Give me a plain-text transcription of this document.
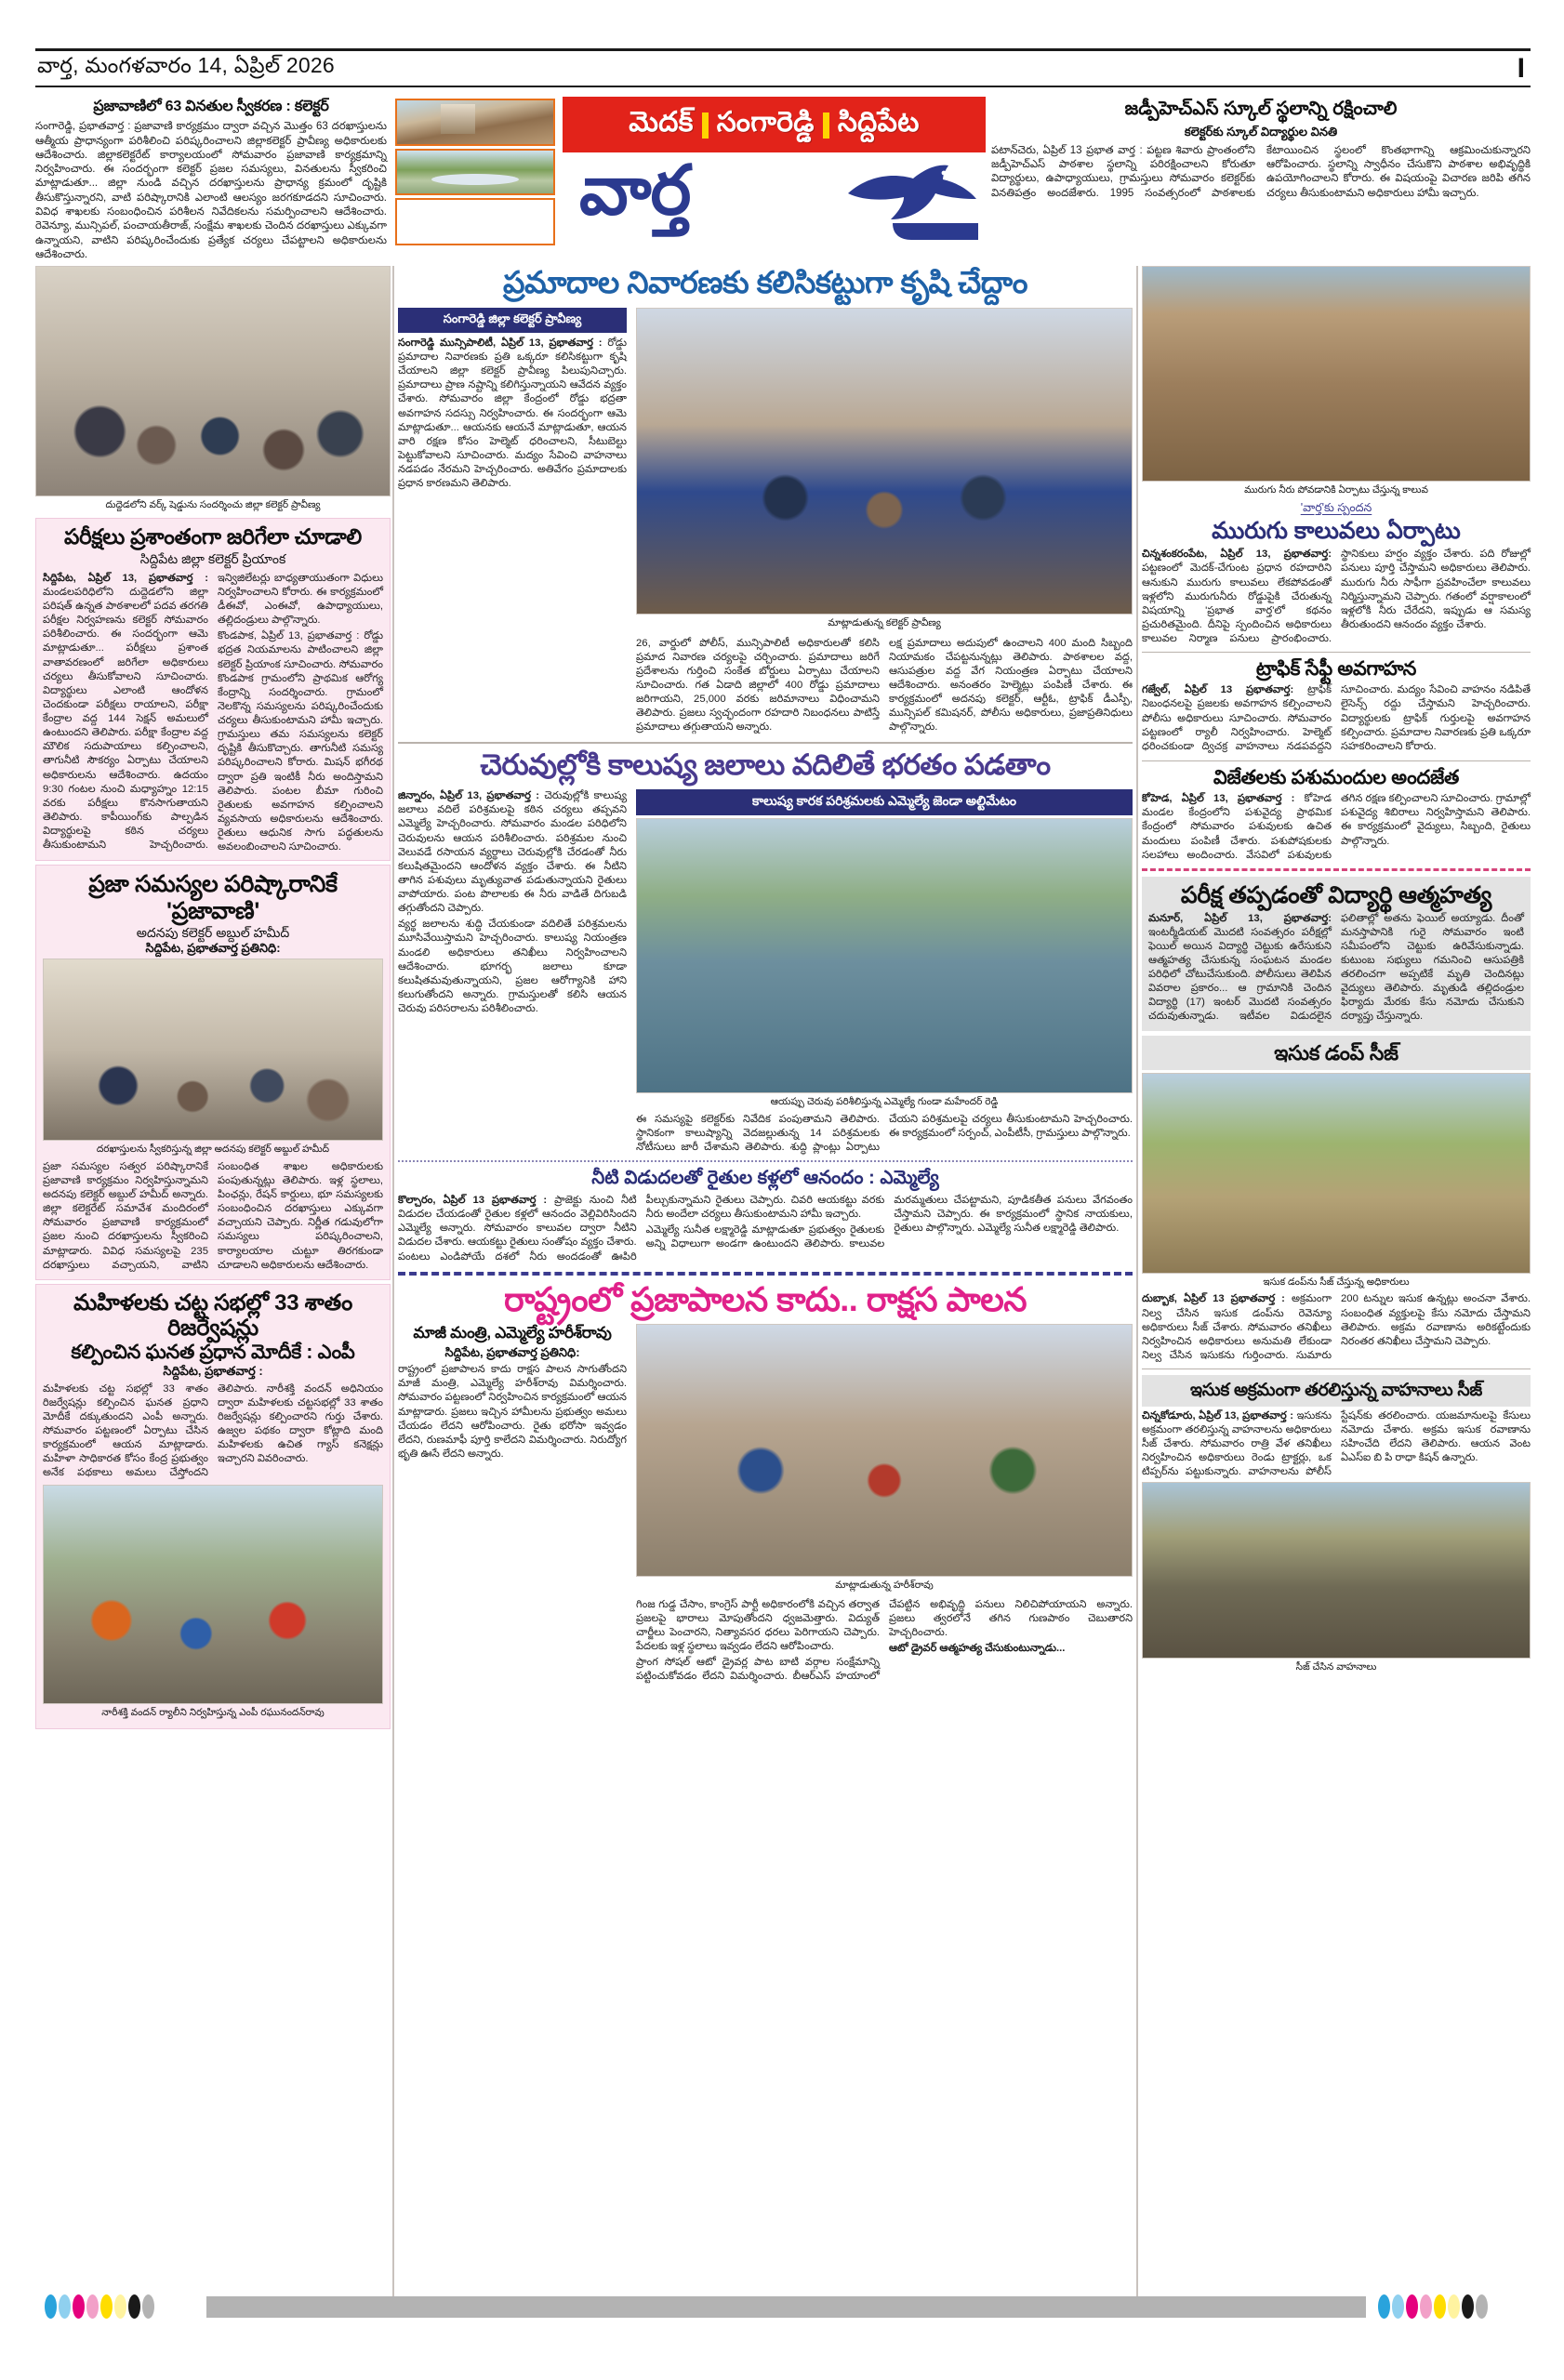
వార్త, మంగళవారం 14, ఏప్రిల్ 2026	I
ప్రజావాణిలో 63 వినతుల స్వీకరణ : కలెక్టర్

సంగారెడ్డి, ప్రభాతవార్త : ప్రజావాణి కార్యక్రమం ద్వారా వచ్చిన మొత్తం 63 దరఖాస్తులను ఆత్మీయ ప్రాధాన్యంగా పరిశీలించి పరిష్కరించాలని జిల్లాకలెక్టర్ ప్రావీణ్య అధికారులకు ఆదేశించారు. జిల్లాకలెక్టరేట్ కార్యాలయంలో సోమవారం ప్రజావాణి కార్యక్రమాన్ని నిర్వహించారు. ఈ సందర్భంగా కలెక్టర్ ప్రజల సమస్యలు, వినతులను స్వీకరించి మాట్లాడుతూ... జిల్లా నుండి వచ్చిన దరఖాస్తులను ప్రాధాన్య క్రమంలో దృష్టికి తీసుకొస్తున్నారని, వాటి పరిష్కారానికి ఎలాంటి ఆలస్యం జరగకూడదని సూచించారు. వివిధ శాఖలకు సంబంధించిన పరిశీలన నివేదికలను సమర్పించాలని ఆదేశించారు. రెవెన్యూ, మున్సిపల్, పంచాయతీరాజ్, సంక్షేమ శాఖలకు చెందిన దరఖాస్తులు ఎక్కువగా ఉన్నాయని, వాటిని పరిష్కరించేందుకు ప్రత్యేక చర్యలు చేపట్టాలని అధికారులను ఆదేశించారు.

మెదక్ సంగారెడ్డి సిద్దిపేట
వార్త
జడ్పీహెచ్ఎస్ స్కూల్ స్థలాన్ని రక్షించాలి
కలెక్టర్‌కు స్కూల్ విద్యార్థుల వినతి

పటాన్‌చెరు, ఏప్రిల్ 13 ప్రభాత వార్త : పట్టణ శివారు ప్రాంతంలోని జడ్పీహెచ్ఎస్ పాఠశాల స్థలాన్ని పరిరక్షించాలని కోరుతూ విద్యార్థులు, ఉపాధ్యాయులు, గ్రామస్తులు సోమవారం కలెక్టర్‌కు వినతిపత్రం అందజేశారు. 1995 సంవత్సరంలో పాఠశాలకు కేటాయించిన స్థలంలో కొంతభాగాన్ని ఆక్రమించుకున్నారని ఆరోపించారు. స్థలాన్ని స్వాధీనం చేసుకొని పాఠశాల అభివృద్ధికి ఉపయోగించాలని కోరారు. ఈ విషయంపై విచారణ జరిపి తగిన చర్యలు తీసుకుంటామని అధికారులు హామీ ఇచ్చారు.

దుద్దెడలోని వర్క్ షెడ్డును సందర్శించు జిల్లా కలెక్టర్ ప్రావీణ్య
పరీక్షలు ప్రశాంతంగా జరిగేలా చూడాలి
సిద్దిపేట జిల్లా కలెక్టర్ ప్రియాంక

సిద్దిపేట, ఏప్రిల్ 13, ప్రభాతవార్త : మండలపరిధిలోని దుద్దెడలోని జిల్లా పరిషత్ ఉన్నత పాఠశాలలో పదవ తరగతి పరీక్షల నిర్వహణను కలెక్టర్ సోమవారం పరిశీలించారు. ఈ సందర్భంగా ఆమె మాట్లాడుతూ... పరీక్షలు ప్రశాంత వాతావరణంలో జరిగేలా అధికారులు చర్యలు తీసుకోవాలని సూచించారు. విద్యార్థులు ఎలాంటి ఆందోళన చెందకుండా పరీక్షలు రాయాలని, పరీక్షా కేంద్రాల వద్ద 144 సెక్షన్ అమలులో ఉంటుందని తెలిపారు. పరీక్షా కేంద్రాల వద్ద మౌలిక సదుపాయాలు కల్పించాలని, తాగునీటి సౌకర్యం ఏర్పాటు చేయాలని అధికారులను ఆదేశించారు. ఉదయం 9:30 గంటల నుంచి మధ్యాహ్నం 12:15 వరకు పరీక్షలు కొనసాగుతాయని తెలిపారు. కాపీయింగ్‌కు పాల్పడిన విద్యార్థులపై కఠిన చర్యలు తీసుకుంటామని హెచ్చరించారు. ఇన్విజిలేటర్లు బాధ్యతాయుతంగా విధులు నిర్వహించాలని కోరారు. ఈ కార్యక్రమంలో డీఈవో, ఎంఈవో, ఉపాధ్యాయులు, తల్లిదండ్రులు పాల్గొన్నారు.

కొండపాక, ఏప్రిల్ 13, ప్రభాతవార్త : రోడ్డు భద్రత నియమాలను పాటించాలని జిల్లా కలెక్టర్ ప్రియాంక సూచించారు. సోమవారం కొండపాక గ్రామంలోని ప్రాథమిక ఆరోగ్య కేంద్రాన్ని సందర్శించారు. గ్రామంలో నెలకొన్న సమస్యలను పరిష్కరించేందుకు చర్యలు తీసుకుంటామని హామీ ఇచ్చారు. గ్రామస్తులు తమ సమస్యలను కలెక్టర్ దృష్టికి తీసుకొచ్చారు. తాగునీటి సమస్య పరిష్కరించాలని కోరారు. మిషన్ భగీరథ ద్వారా ప్రతి ఇంటికీ నీరు అందిస్తామని తెలిపారు. పంటల బీమా గురించి రైతులకు అవగాహన కల్పించాలని వ్యవసాయ అధికారులను ఆదేశించారు. రైతులు ఆధునిక సాగు పద్ధతులను అవలంబించాలని సూచించారు.

ప్రజా సమస్యల పరిష్కారానికే 'ప్రజావాణి'
అదనపు కలెక్టర్ అబ్దుల్ హమీద్
సిద్దిపేట, ప్రభాతవార్త ప్రతినిధి:
దరఖాస్తులను స్వీకరిస్తున్న జిల్లా అదనపు కలెక్టర్ అబ్దుల్ హమీద్

ప్రజా సమస్యల సత్వర పరిష్కారానికే ప్రజావాణి కార్యక్రమం నిర్వహిస్తున్నామని అదనపు కలెక్టర్ అబ్దుల్ హమీద్ అన్నారు. జిల్లా కలెక్టరేట్ సమావేశ మందిరంలో సోమవారం ప్రజావాణి కార్యక్రమంలో ప్రజల నుంచి దరఖాస్తులను స్వీకరించి మాట్లాడారు. వివిధ సమస్యలపై 235 దరఖాస్తులు వచ్చాయని, వాటిని సంబంధిత శాఖల అధికారులకు పంపుతున్నట్లు తెలిపారు. ఇళ్ల స్థలాలు, పింఛన్లు, రేషన్ కార్డులు, భూ సమస్యలకు సంబంధించిన దరఖాస్తులు ఎక్కువగా వచ్చాయని చెప్పారు. నిర్ణీత గడువులోగా సమస్యలు పరిష్కరించాలని, కార్యాలయాల చుట్టూ తిరగకుండా చూడాలని అధికారులను ఆదేశించారు.

మహిళలకు చట్ట సభల్లో 33 శాతం రిజర్వేషన్లు
కల్పించిన ఘనత ప్రధాన మోదీకే : ఎంపీ
సిద్దిపేట, ప్రభాతవార్త :

మహిళలకు చట్ట సభల్లో 33 శాతం రిజర్వేషన్లు కల్పించిన ఘనత ప్రధాని మోదీకే దక్కుతుందని ఎంపీ అన్నారు. సోమవారం పట్టణంలో ఏర్పాటు చేసిన కార్యక్రమంలో ఆయన మాట్లాడారు. మహిళా సాధికారత కోసం కేంద్ర ప్రభుత్వం అనేక పథకాలు అమలు చేస్తోందని తెలిపారు. నారీశక్తి వందన్ అధినియం ద్వారా మహిళలకు చట్టసభల్లో 33 శాతం రిజర్వేషన్లు కల్పించారని గుర్తు చేశారు. ఉజ్వల పథకం ద్వారా కోట్లాది మంది మహిళలకు ఉచిత గ్యాస్ కనెక్షన్లు ఇచ్చారని వివరించారు.

నారీశక్తి వందన్ ర్యాలీని నిర్వహిస్తున్న ఎంపీ రఘునందన్‌రావు
ప్రమాదాల నివారణకు కలిసికట్టుగా కృషి చేద్దాం
సంగారెడ్డి జిల్లా కలెక్టర్ ప్రావీణ్య

సంగారెడ్డి మున్సిపాలిటీ, ఏప్రిల్ 13, ప్రభాతవార్త : రోడ్డు ప్రమాదాల నివారణకు ప్రతి ఒక్కరూ కలిసికట్టుగా కృషి చేయాలని జిల్లా కలెక్టర్ ప్రావీణ్య పిలుపునిచ్చారు. ప్రమాదాలు ప్రాణ నష్టాన్ని కలిగిస్తున్నాయని ఆవేదన వ్యక్తం చేశారు. సోమవారం జిల్లా కేంద్రంలో రోడ్డు భద్రతా అవగాహన సదస్సు నిర్వహించారు. ఈ సందర్భంగా ఆమె మాట్లాడుతూ... ఆయనకు ఆయనే మాట్లాడుతూ, ఆయన వారి రక్షణ కోసం హెల్మెట్ ధరించాలని, సీటుబెల్టు పెట్టుకోవాలని సూచించారు. మద్యం సేవించి వాహనాలు నడపడం నేరమని హెచ్చరించారు. అతివేగం ప్రమాదాలకు ప్రధాన కారణమని తెలిపారు.

మాట్లాడుతున్న కలెక్టర్ ప్రావీణ్య

26, వార్డులో పోలీస్, మున్సిపాలిటీ అధికారులతో కలిసి ప్రమాద నివారణ చర్యలపై చర్చించారు. ప్రమాదాలు జరిగే ప్రదేశాలను గుర్తించి సంకేత బోర్డులు ఏర్పాటు చేయాలని సూచించారు. గత ఏడాది జిల్లాలో 400 రోడ్డు ప్రమాదాలు జరిగాయని, 25,000 వరకు జరిమానాలు విధించామని తెలిపారు. ప్రజలు స్వచ్ఛందంగా రహదారి నిబంధనలు పాటిస్తే ప్రమాదాలు తగ్గుతాయని అన్నారు.

లక్ష ప్రమాదాలు అదుపులో ఉంచాలని 400 మంది సిబ్బంది నియామకం చేపట్టనున్నట్లు తెలిపారు. పాఠశాలల వద్ద, ఆసుపత్రుల వద్ద వేగ నియంత్రణ ఏర్పాటు చేయాలని ఆదేశించారు. అనంతరం హెల్మెట్లు పంపిణీ చేశారు. ఈ కార్యక్రమంలో అదనపు కలెక్టర్, ఆర్టీఓ, ట్రాఫిక్ డీఎస్పీ, మున్సిపల్ కమిషనర్, పోలీసు అధికారులు, ప్రజాప్రతినిధులు పాల్గొన్నారు.

చెరువుల్లోకి కాలుష్య జలాలు వదిలితే భరతం పడతాం

జిన్నారం, ఏప్రిల్ 13, ప్రభాతవార్త : చెరువుల్లోకి కాలుష్య జలాలు వదిలే పరిశ్రమలపై కఠిన చర్యలు తప్పవని ఎమ్మెల్యే హెచ్చరించారు. సోమవారం మండల పరిధిలోని చెరువులను ఆయన పరిశీలించారు. పరిశ్రమల నుంచి వెలువడే రసాయన వ్యర్థాలు చెరువుల్లోకి చేరడంతో నీరు కలుషితమైందని ఆందోళన వ్యక్తం చేశారు. ఈ నీటిని తాగిన పశువులు మృత్యువాత పడుతున్నాయని రైతులు వాపోయారు. పంట పొలాలకు ఈ నీరు వాడితే దిగుబడి తగ్గుతోందని చెప్పారు.

వ్యర్థ జలాలను శుద్ధి చేయకుండా వదిలితే పరిశ్రమలను మూసివేయిస్తామని హెచ్చరించారు. కాలుష్య నియంత్రణ మండలి అధికారులు తనిఖీలు నిర్వహించాలని ఆదేశించారు. భూగర్భ జలాలు కూడా కలుషితమవుతున్నాయని, ప్రజల ఆరోగ్యానికి హాని కలుగుతోందని అన్నారు. గ్రామస్తులతో కలిసి ఆయన చెరువు పరిసరాలను పరిశీలించారు.

కాలుష్య కారక పరిశ్రమలకు ఎమ్మెల్యే జెండా అల్టిమేటం
ఆయప్పు చెరువు పరిశీలిస్తున్న ఎమ్మెల్యే గుండా మహేందర్ రెడ్డి

ఈ సమస్యపై కలెక్టర్‌కు నివేదిక పంపుతామని తెలిపారు. స్థానికంగా కాలుష్యాన్ని వెదజల్లుతున్న 14 పరిశ్రమలకు నోటీసులు జారీ చేశామని తెలిపారు. శుద్ధి ప్లాంట్లు ఏర్పాటు చేయని పరిశ్రమలపై చర్యలు తీసుకుంటామని హెచ్చరించారు. ఈ కార్యక్రమంలో సర్పంచ్, ఎంపీటీసీ, గ్రామస్తులు పాల్గొన్నారు.

నీటి విడుదలతో రైతుల కళ్లలో ఆనందం : ఎమ్మెల్యే

కొల్చారం, ఏప్రిల్ 13 ప్రభాతవార్త : ప్రాజెక్టు నుంచి నీటి విడుదల చేయడంతో రైతుల కళ్లలో ఆనందం వెల్లివిరిసిందని ఎమ్మెల్యే అన్నారు. సోమవారం కాలువల ద్వారా నీటిని విడుదల చేశారు. ఆయకట్టు రైతులు సంతోషం వ్యక్తం చేశారు. పంటలు ఎండిపోయే దశలో నీరు అందడంతో ఊపిరి పీల్చుకున్నామని రైతులు చెప్పారు. చివరి ఆయకట్టు వరకు నీరు అందేలా చర్యలు తీసుకుంటామని హామీ ఇచ్చారు.

ఎమ్మెల్యే సునీత లక్ష్మారెడ్డి మాట్లాడుతూ ప్రభుత్వం రైతులకు అన్ని విధాలుగా అండగా ఉంటుందని తెలిపారు. కాలువల మరమ్మతులు చేపట్టామని, పూడికతీత పనులు వేగవంతం చేస్తామని చెప్పారు. ఈ కార్యక్రమంలో స్థానిక నాయకులు, రైతులు పాల్గొన్నారు. ఎమ్మెల్యే సునీత లక్ష్మారెడ్డి తెలిపారు.

రాష్ట్రంలో ప్రజాపాలన కాదు.. రాక్షస పాలన
మాజీ మంత్రి, ఎమ్మెల్యే హరీశ్‌రావు
సిద్దిపేట, ప్రభాతవార్త ప్రతినిధి:

రాష్ట్రంలో ప్రజాపాలన కాదు రాక్షస పాలన సాగుతోందని మాజీ మంత్రి, ఎమ్మెల్యే హరీశ్‌రావు విమర్శించారు. సోమవారం పట్టణంలో నిర్వహించిన కార్యక్రమంలో ఆయన మాట్లాడారు. ప్రజలు ఇచ్చిన హామీలను ప్రభుత్వం అమలు చేయడం లేదని ఆరోపించారు. రైతు భరోసా ఇవ్వడం లేదని, రుణమాఫీ పూర్తి కాలేదని విమర్శించారు. నిరుద్యోగ భృతి ఊసే లేదని అన్నారు.

మాట్లాడుతున్న హరీశ్‌రావు

గింజ గుడ్డ చేసాం, కాంగ్రెస్ పార్టీ అధికారంలోకి వచ్చిన తర్వాత ప్రజలపై భారాలు మోపుతోందని ధ్వజమెత్తారు. విద్యుత్ చార్జీలు పెంచారని, నిత్యావసర ధరలు పెరిగాయని చెప్పారు. పేదలకు ఇళ్ల స్థలాలు ఇవ్వడం లేదని ఆరోపించారు.

ప్రాంగ సోషల్ ఆటో డ్రైవర్ల పాట బాటి వర్గాల సంక్షేమాన్ని పట్టించుకోవడం లేదని విమర్శించారు. బీఆర్ఎస్ హయాంలో చేపట్టిన అభివృద్ధి పనులు నిలిచిపోయాయని అన్నారు. ప్రజలు త్వరలోనే తగిన గుణపాఠం చెబుతారని హెచ్చరించారు.

ఆటో డ్రైవర్ ఆత్మహత్య చేసుకుంటున్నాడు...

మురుగు నీరు పోవడానికి ఏర్పాటు చేస్తున్న కాలువ
'వార్త'కు స్పందన
మురుగు కాలువలు ఏర్పాటు

చిన్నశంకరంపేట, ఏప్రిల్ 13, ప్రభాతవార్త: పట్టణంలో మెదక్-చేగుంట ప్రధాన రహదారిని ఆనుకుని మురుగు కాలువలు లేకపోవడంతో ఇళ్లలోని మురుగునీరు రోడ్డుపైకి చేరుతున్న విషయాన్ని 'ప్రభాత వార్త'లో కథనం ప్రచురితమైంది. దీనిపై స్పందించిన అధికారులు కాలువల నిర్మాణ పనులు ప్రారంభించారు. స్థానికులు హర్షం వ్యక్తం చేశారు. పది రోజుల్లో పనులు పూర్తి చేస్తామని అధికారులు తెలిపారు. మురుగు నీరు సాఫీగా ప్రవహించేలా కాలువలు నిర్మిస్తున్నామని చెప్పారు. గతంలో వర్షాకాలంలో ఇళ్లలోకి నీరు చేరేదని, ఇప్పుడు ఆ సమస్య తీరుతుందని ఆనందం వ్యక్తం చేశారు.

ట్రాఫిక్ సేఫ్టీ అవగాహన

గజ్వేల్, ఏప్రిల్ 13 ప్రభాతవార్త: ట్రాఫిక్ నిబంధనలపై ప్రజలకు అవగాహన కల్పించాలని పోలీసు అధికారులు సూచించారు. సోమవారం పట్టణంలో ర్యాలీ నిర్వహించారు. హెల్మెట్ ధరించకుండా ద్విచక్ర వాహనాలు నడపవద్దని సూచించారు. మద్యం సేవించి వాహనం నడిపితే లైసెన్స్ రద్దు చేస్తామని హెచ్చరించారు. విద్యార్థులకు ట్రాఫిక్ గుర్తులపై అవగాహన కల్పించారు. ప్రమాదాల నివారణకు ప్రతి ఒక్కరూ సహకరించాలని కోరారు.

విజేతలకు పశుమందుల అందజేత

కోహెడ, ఏప్రిల్ 13, ప్రభాతవార్త : కోహెడ మండల కేంద్రంలోని పశువైద్య ప్రాథమిక కేంద్రంలో సోమవారం పశువులకు ఉచిత మందులు పంపిణీ చేశారు. పశుపోషకులకు సలహాలు అందించారు. వేసవిలో పశువులకు తగిన రక్షణ కల్పించాలని సూచించారు. గ్రామాల్లో పశువైద్య శిబిరాలు నిర్వహిస్తామని తెలిపారు. ఈ కార్యక్రమంలో వైద్యులు, సిబ్బంది, రైతులు పాల్గొన్నారు.

పరీక్ష తప్పడంతో విద్యార్థి ఆత్మహత్య

మనూర్, ఏప్రిల్ 13, ప్రభాతవార్త: ఇంటర్మీడియట్ మొదటి సంవత్సరం పరీక్షల్లో ఫెయిల్ అయిన విద్యార్థి చెట్టుకు ఉరేసుకుని ఆత్మహత్య చేసుకున్న సంఘటన మండల పరిధిలో చోటుచేసుకుంది. పోలీసులు తెలిపిన వివరాల ప్రకారం... ఆ గ్రామానికి చెందిన విద్యార్థి (17) ఇంటర్ మొదటి సంవత్సరం చదువుతున్నాడు. ఇటీవల విడుదలైన ఫలితాల్లో అతను ఫెయిల్ అయ్యాడు. దీంతో మనస్తాపానికి గురై సోమవారం ఇంటి సమీపంలోని చెట్టుకు ఉరివేసుకున్నాడు. కుటుంబ సభ్యులు గమనించి ఆసుపత్రికి తరలించగా అప్పటికే మృతి చెందినట్లు వైద్యులు తెలిపారు. మృతుడి తల్లిదండ్రుల ఫిర్యాదు మేరకు కేసు నమోదు చేసుకుని దర్యాప్తు చేస్తున్నారు.

ఇసుక డంప్ సీజ్
ఇసుక డంప్‌ను సీజ్ చేస్తున్న అధికారులు

దుబ్బాక, ఏప్రిల్ 13 ప్రభాతవార్త : అక్రమంగా నిల్వ చేసిన ఇసుక డంప్‌ను రెవెన్యూ అధికారులు సీజ్ చేశారు. సోమవారం తనిఖీలు నిర్వహించిన అధికారులు అనుమతి లేకుండా నిల్వ చేసిన ఇసుకను గుర్తించారు. సుమారు 200 టన్నుల ఇసుక ఉన్నట్లు అంచనా వేశారు. సంబంధిత వ్యక్తులపై కేసు నమోదు చేస్తామని తెలిపారు. అక్రమ రవాణాను అరికట్టేందుకు నిరంతర తనిఖీలు చేస్తామని చెప్పారు.

ఇసుక అక్రమంగా తరలిస్తున్న వాహనాలు సీజ్

చిన్నకోడూరు, ఏప్రిల్ 13, ప్రభాతవార్త : ఇసుకను అక్రమంగా తరలిస్తున్న వాహనాలను అధికారులు సీజ్ చేశారు. సోమవారం రాత్రి వేళ తనిఖీలు నిర్వహించిన అధికారులు రెండు ట్రాక్టర్లు, ఒక టిప్పర్‌ను పట్టుకున్నారు. వాహనాలను పోలీస్ స్టేషన్‌కు తరలించారు. యజమానులపై కేసులు నమోదు చేశారు. అక్రమ ఇసుక రవాణాను సహించేది లేదని తెలిపారు. ఆయన వెంట ఏఎస్ఐ బి పి రాధా కిషన్ ఉన్నారు.

సీజ్ చేసిన వాహనాలు
